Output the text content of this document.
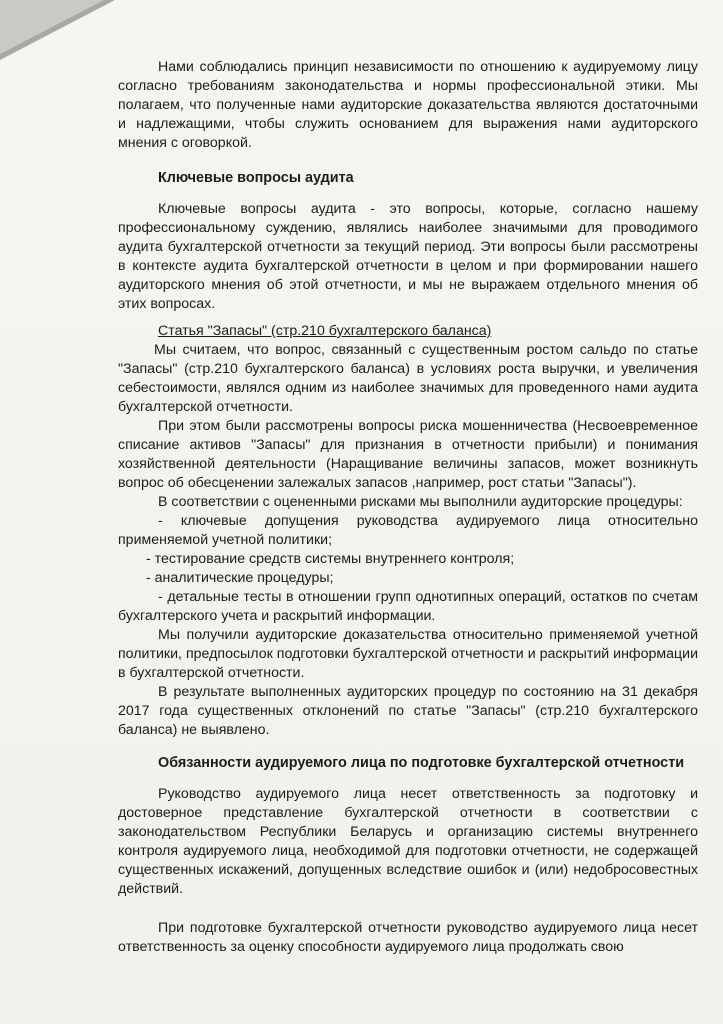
Нами соблюдались принцип независимости по отношению к аудируемому лицу согласно требованиям законодательства и нормы профессиональной этики. Мы полагаем, что полученные нами аудиторские доказательства являются достаточными и надлежащими, чтобы служить основанием для выражения нами аудиторского мнения с оговоркой.

Ключевые вопросы аудита

Ключевые вопросы аудита - это вопросы, которые, согласно нашему профессиональному суждению, являлись наиболее значимыми для проводимого аудита бухгалтерской отчетности за текущий период. Эти вопросы были рассмотрены в контексте аудита бухгалтерской отчетности в целом и при формировании нашего аудиторского мнения об этой отчетности, и мы не выражаем отдельного мнения об этих вопросах.

Статья "Запасы" (стр.210 бухгалтерского баланса)

Мы считаем, что вопрос, связанный с существенным ростом сальдо по статье "Запасы" (стр.210 бухгалтерского баланса) в условиях роста выручки, и увеличения себестоимости, являлся одним из наиболее значимых для проведенного нами аудита бухгалтерской отчетности.

При этом были рассмотрены вопросы риска мошенничества (Несвоевременное списание активов "Запасы" для признания в отчетности прибыли) и понимания хозяйственной деятельности (Наращивание величины запасов, может возникнуть вопрос об обесценении залежалых запасов ,например, рост статьи "Запасы").

В соответствии с оцененными рисками мы выполнили аудиторские процедуры:

- ключевые допущения руководства аудируемого лица относительно применяемой учетной политики;

- тестирование средств системы внутреннего контроля;

- аналитические процедуры;

- детальные тесты в отношении групп однотипных операций, остатков по счетам бухгалтерского учета и раскрытий информации.

Мы получили аудиторские доказательства относительно применяемой учетной политики, предпосылок подготовки бухгалтерской отчетности и раскрытий информации в бухгалтерской отчетности.

В результате выполненных аудиторских процедур по состоянию на 31 декабря 2017 года существенных отклонений по статье "Запасы" (стр.210 бухгалтерского баланса) не выявлено.

Обязанности аудируемого лица по подготовке бухгалтерской отчетности

Руководство аудируемого лица несет ответственность за подготовку и достоверное представление бухгалтерской отчетности в соответствии с законодательством Республики Беларусь и организацию системы внутреннего контроля аудируемого лица, необходимой для подготовки отчетности, не содержащей существенных искажений, допущенных вследствие ошибок и (или) недобросовестных действий.

При подготовке бухгалтерской отчетности руководство аудируемого лица несет ответственность за оценку способности аудируемого лица продолжать свою
